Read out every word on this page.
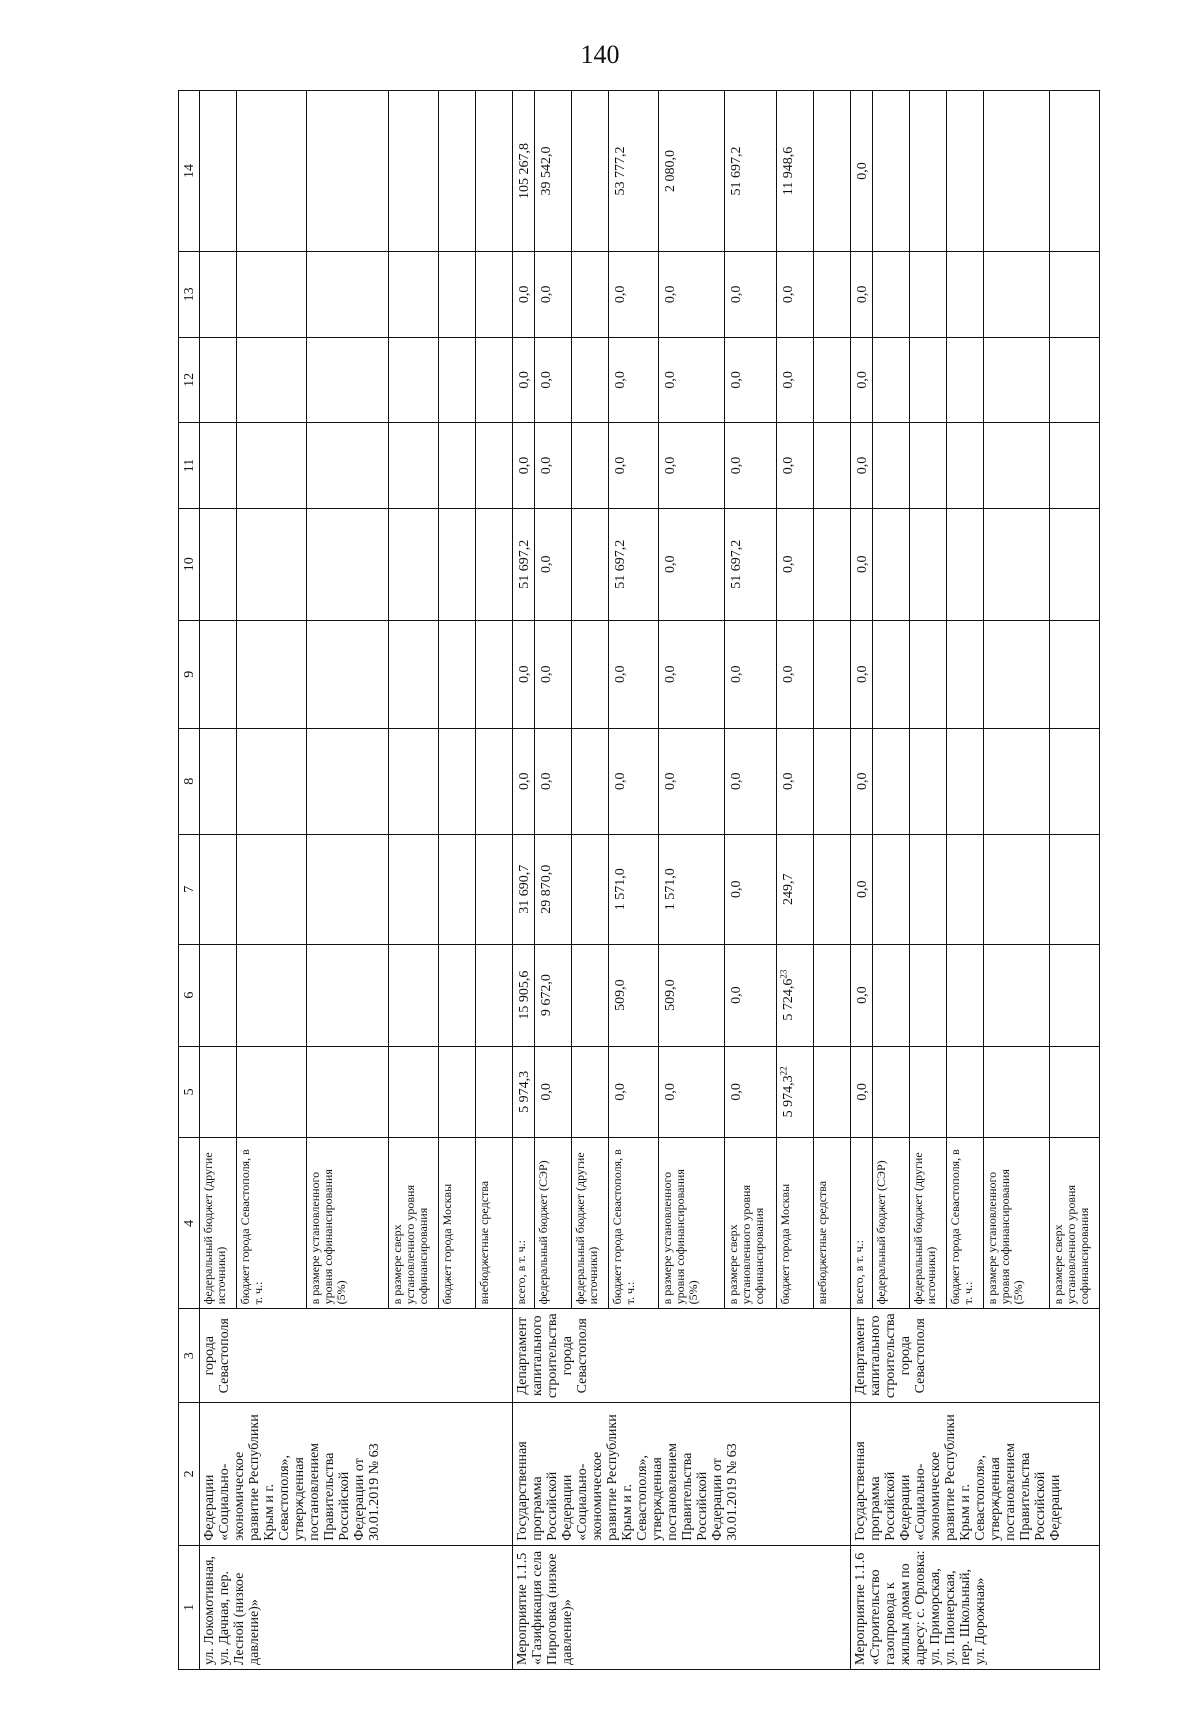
140
1	2	3	4	5	6	7	8	9	10	11	12	13	14
ул. Локомотивная, ул. Дачная, пер. Лесной (низкое давление)»	Федерации «Социально-экономическое развитие Республики Крым и г. Севастополя», утвержденная постановлением Правительства Российской Федерации от 30.01.2019 № 63	города Севастополя	федеральный бюджет (другие источники)										
			бюджет города Севастополя, в т. ч.:										
			в размере установленного уровня софинансирования (5%)										
			в размере сверх установленного уровня софинансирования										
			бюджет города Москвы										
			внебюджетные средства										
Мероприятие 1.1.5 «Газификация села Пироговка (низкое давление)»	Государственная программа Российской Федерации «Социально-экономическое развитие Республики Крым и г. Севастополя», утвержденная постановлением Правительства Российской Федерации от 30.01.2019 № 63	Департамент капитального строительства города Севастополя	всего, в т. ч.:	5 974,3	15 905,6	31 690,7	0,0	0,0	51 697,2	0,0	0,0	0,0	105 267,8
			федеральный бюджет (СЭР)	0,0	9 672,0	29 870,0	0,0	0,0	0,0	0,0	0,0	0,0	39 542,0
			федеральный бюджет (другие источники)										
			бюджет города Севастополя, в т. ч.:	0,0	509,0	1 571,0	0,0	0,0	51 697,2	0,0	0,0	0,0	53 777,2
			в размере установленного уровня софинансирования (5%)	0,0	509,0	1 571,0	0,0	0,0	0,0	0,0	0,0	0,0	2 080,0
			в размере сверх установленного уровня софинансирования	0,0	0,0	0,0	0,0	0,0	51 697,2	0,0	0,0	0,0	51 697,2
			бюджет города Москвы	5 974,3$^{22}$	5 724,6$^{23}$	249,7	0,0	0,0	0,0	0,0	0,0	0,0	11 948,6
			внебюджетные средства										
Мероприятие 1.1.6 «Строительство газопровода к жилым домам по адресу: с. Орловка: ул. Приморская, ул. Пионерская, пер. Школьный, ул. Дорожная»	Государственная программа Российской Федерации «Социально-экономическое развитие Республики Крым и г. Севастополя», утвержденная постановлением Правительства Российской Федерации	Департамент капитального строительства города Севастополя	всего, в т. ч.:	0,0	0,0	0,0	0,0	0,0	0,0	0,0	0,0	0,0	0,0
			федеральный бюджет (СЭР)										
			федеральный бюджет (другие источники)										
			бюджет города Севастополя, в т. ч.:										
			в размере установленного уровня софинансирования (5%)										
			в размере сверх установленного уровня софинансирования										
